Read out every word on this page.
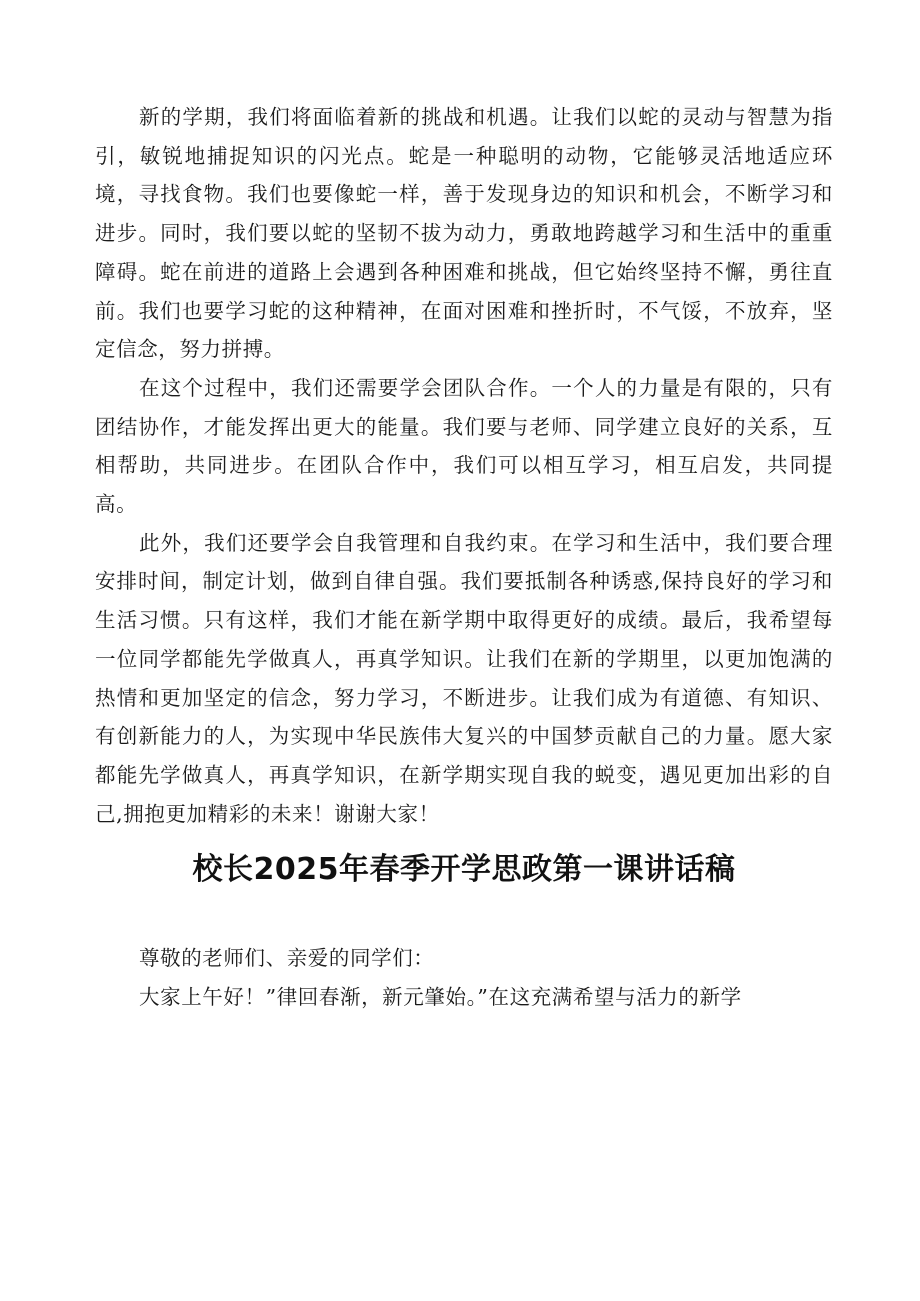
新的学期，我们将面临着新的挑战和机遇。让我们以蛇的灵动与智慧为指引，敏锐地捕捉知识的闪光点。蛇是一种聪明的动物，它能够灵活地适应环境，寻找食物。我们也要像蛇一样，善于发现身边的知识和机会，不断学习和进步。同时，我们要以蛇的坚韧不拔为动力，勇敢地跨越学习和生活中的重重障碍。蛇在前进的道路上会遇到各种困难和挑战，但它始终坚持不懈，勇往直前。我们也要学习蛇的这种精神，在面对困难和挫折时，不气馁，不放弃，坚定信念，努力拼搏。

在这个过程中，我们还需要学会团队合作。一个人的力量是有限的，只有团结协作，才能发挥出更大的能量。我们要与老师、同学建立良好的关系，互相帮助，共同进步。在团队合作中，我们可以相互学习，相互启发，共同提高。

此外，我们还要学会自我管理和自我约束。在学习和生活中，我们要合理安排时间，制定计划，做到自律自强。我们要抵制各种诱惑,保持良好的学习和生活习惯。只有这样，我们才能在新学期中取得更好的成绩。最后，我希望每一位同学都能先学做真人，再真学知识。让我们在新的学期里，以更加饱满的热情和更加坚定的信念，努力学习，不断进步。让我们成为有道德、有知识、有创新能力的人，为实现中华民族伟大复兴的中国梦贡献自己的力量。愿大家都能先学做真人，再真学知识，在新学期实现自我的蜕变，遇见更加出彩的自己,拥抱更加精彩的未来！谢谢大家！

校长2025年春季开学思政第一课讲话稿

尊敬的老师们、亲爱的同学们：

大家上午好！”律回春渐，新元肇始。”在这充满希望与活力的新学
